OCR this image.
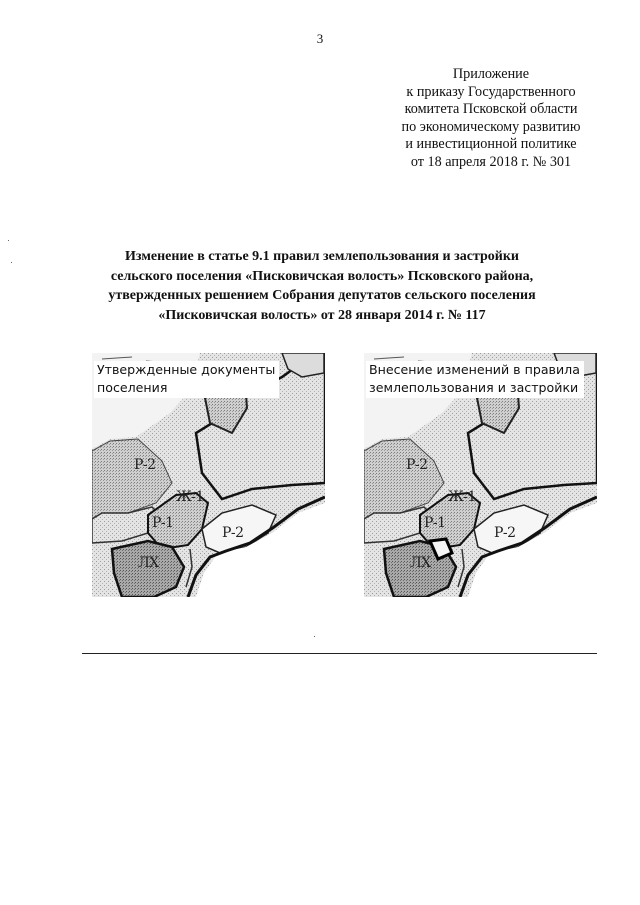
3
Приложение
к приказу Государственного
комитета Псковской области
по экономическому развитию
и инвестиционной политике
от 18 апреля 2018 г. № 301
Изменение в статье 9.1 правил землепользования и застройки
сельского поселения «Писковичская волость» Псковского района,
утвержденных решением Собрания депутатов сельского поселения
«Писковичская волость» от 28 января 2014 г. № 117
Утвержденные документы
поселения
Р-2
Ж-1
Р-1
Р-2
ЛХ
Внесение изменений в правила
землепользования и застройки
Р-2
Ж-1
Р-1
Р-2
ЛХ
